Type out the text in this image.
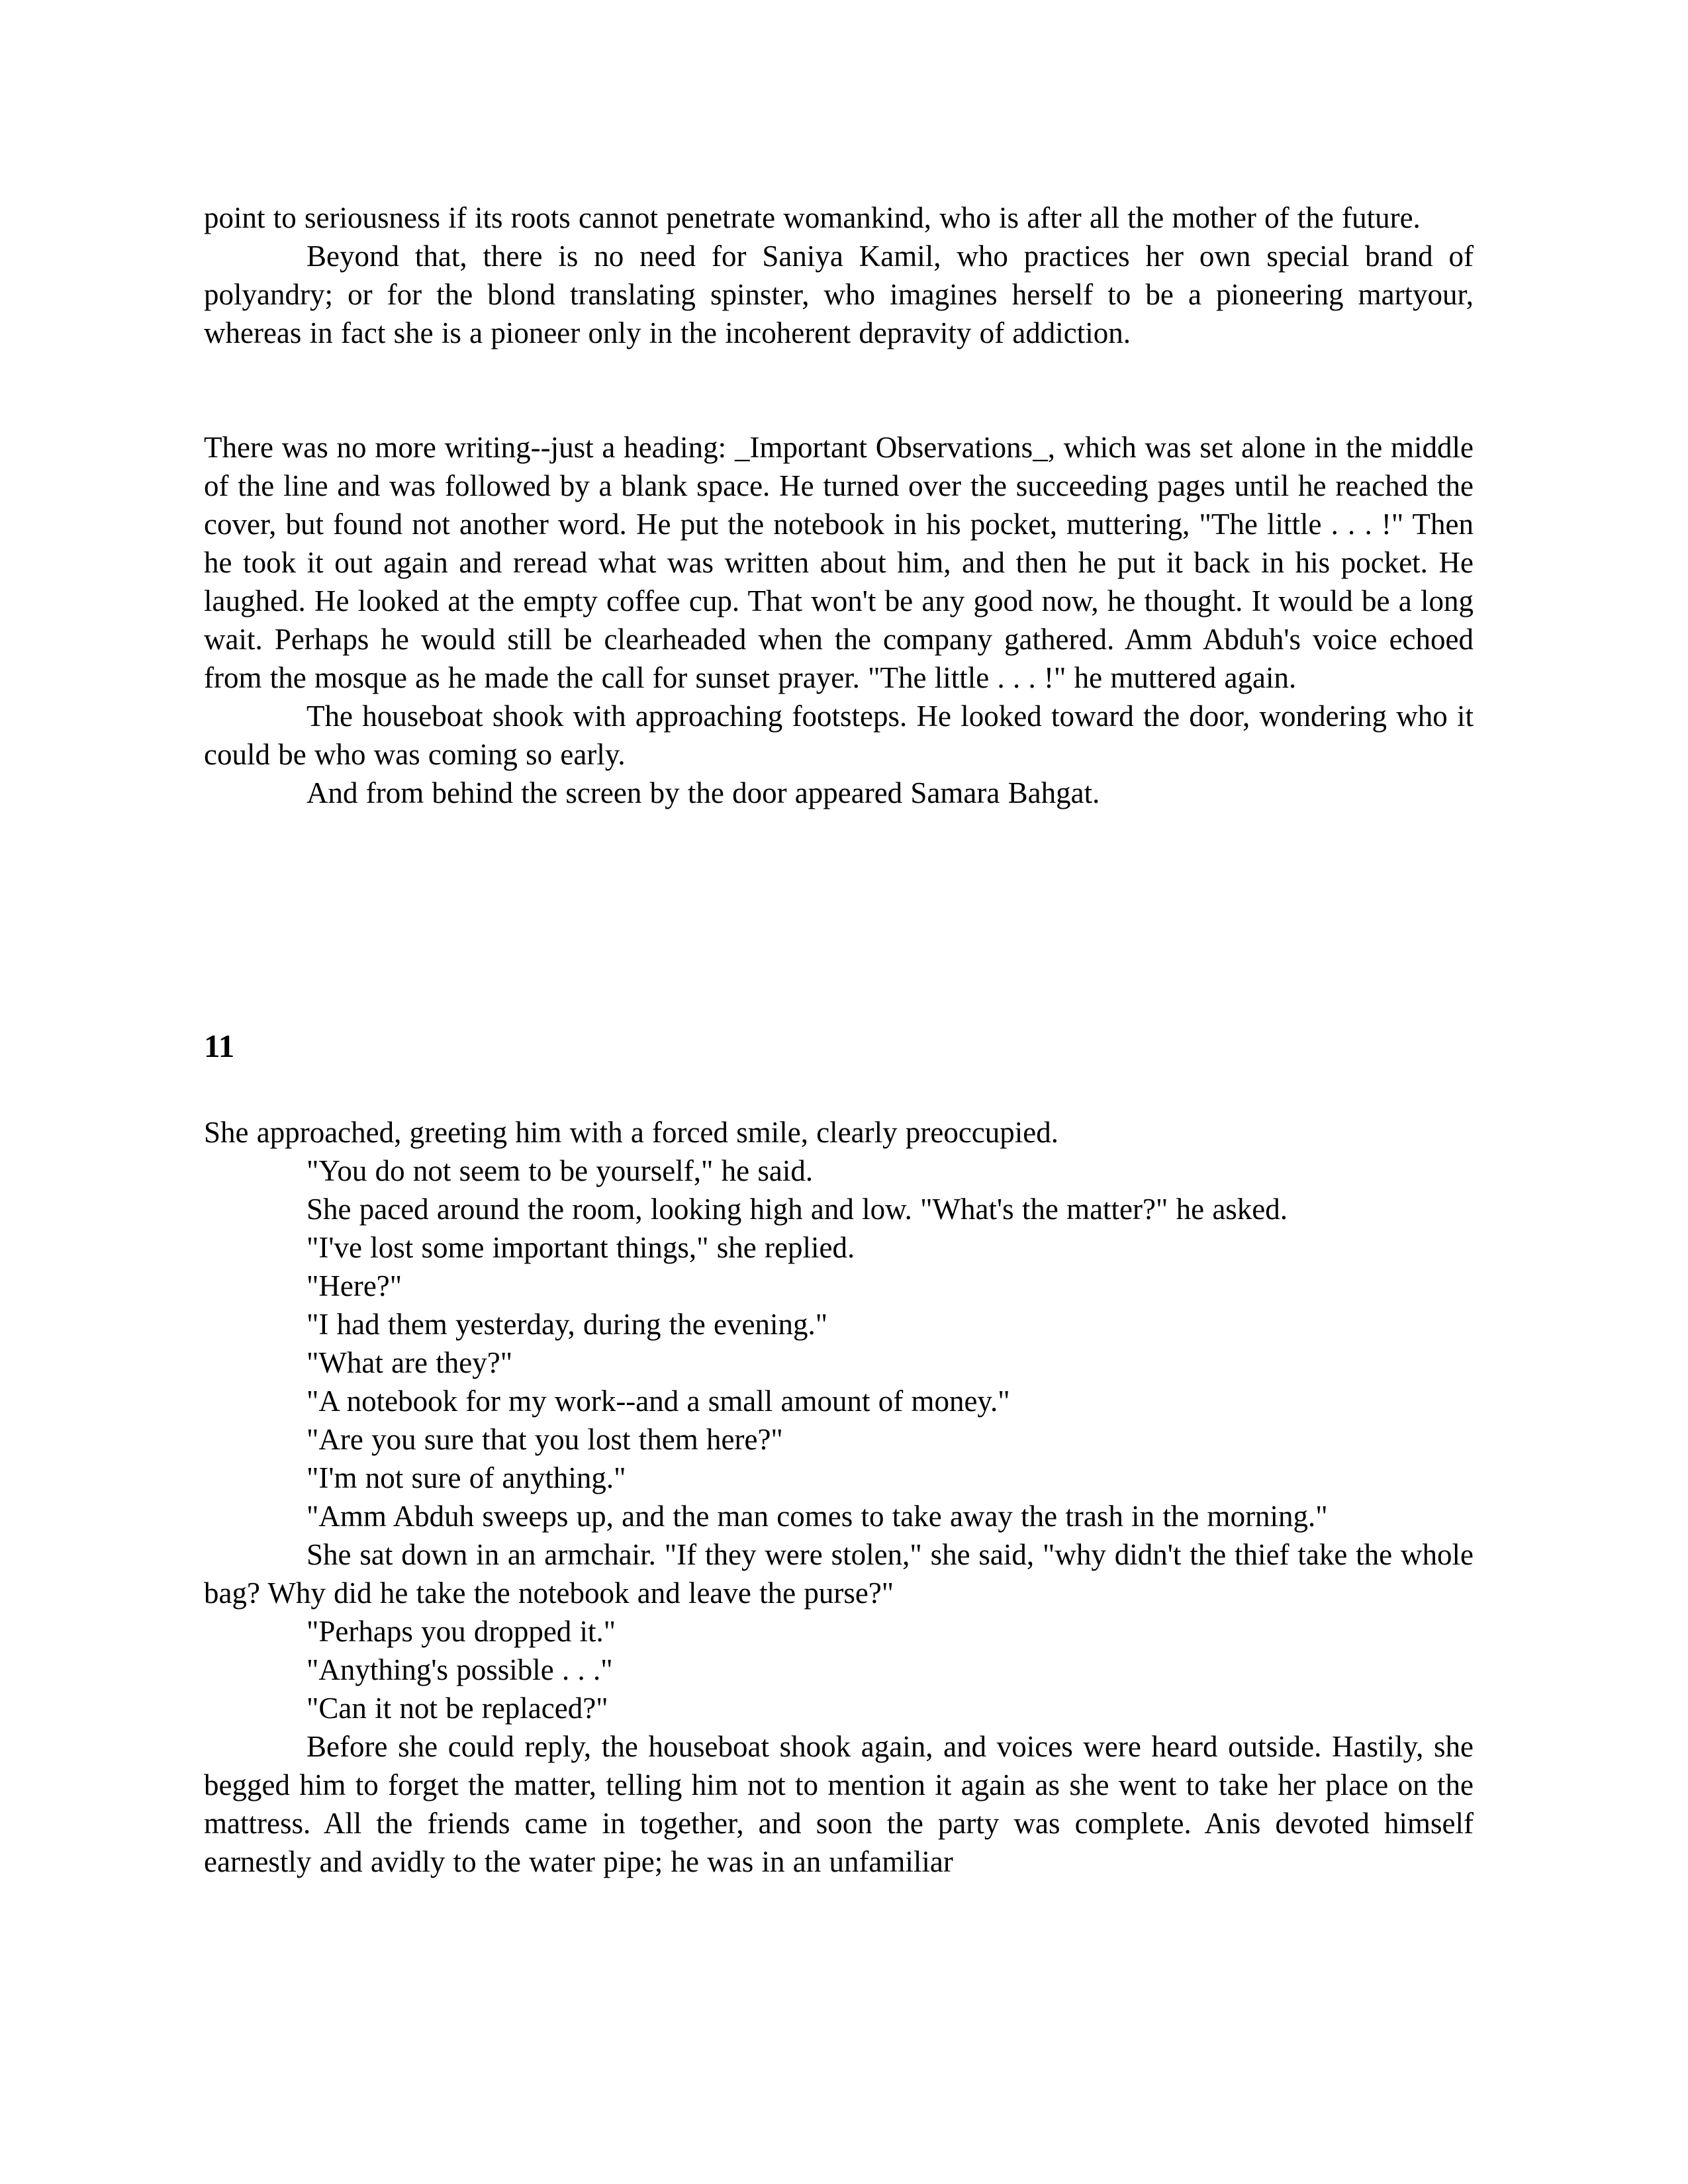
point to seriousness if its roots cannot penetrate womankind, who is after all the mother of the future.

Beyond that, there is no need for Saniya Kamil, who practices her own special brand of polyandry; or for the blond translating spinster, who imagines herself to be a pioneering martyour, whereas in fact she is a pioneer only in the incoherent depravity of addiction.

There was no more writing--just a heading: _Important Observations_, which was set alone in the middle of the line and was followed by a blank space. He turned over the succeeding pages until he reached the cover, but found not another word. He put the notebook in his pocket, muttering, "The little . . . !" Then he took it out again and reread what was written about him, and then he put it back in his pocket. He laughed. He looked at the empty coffee cup. That won't be any good now, he thought. It would be a long wait. Perhaps he would still be clearheaded when the company gathered. Amm Abduh's voice echoed from the mosque as he made the call for sunset prayer. "The little . . . !" he muttered again.

The houseboat shook with approaching footsteps. He looked toward the door, wondering who it could be who was coming so early.

And from behind the screen by the door appeared Samara Bahgat.

11

She approached, greeting him with a forced smile, clearly preoccupied.

"You do not seem to be yourself," he said.

She paced around the room, looking high and low. "What's the matter?" he asked.

"I've lost some important things," she replied.

"Here?"

"I had them yesterday, during the evening."

"What are they?"

"A notebook for my work--and a small amount of money."

"Are you sure that you lost them here?"

"I'm not sure of anything."

"Amm Abduh sweeps up, and the man comes to take away the trash in the morning."

She sat down in an armchair. "If they were stolen," she said, "why didn't the thief take the whole bag? Why did he take the notebook and leave the purse?"

"Perhaps you dropped it."

"Anything's possible . . ."

"Can it not be replaced?"

Before she could reply, the houseboat shook again, and voices were heard outside. Hastily, she begged him to forget the matter, telling him not to mention it again as she went to take her place on the mattress. All the friends came in together, and soon the party was complete. Anis devoted himself earnestly and avidly to the water pipe; he was in an unfamiliar
